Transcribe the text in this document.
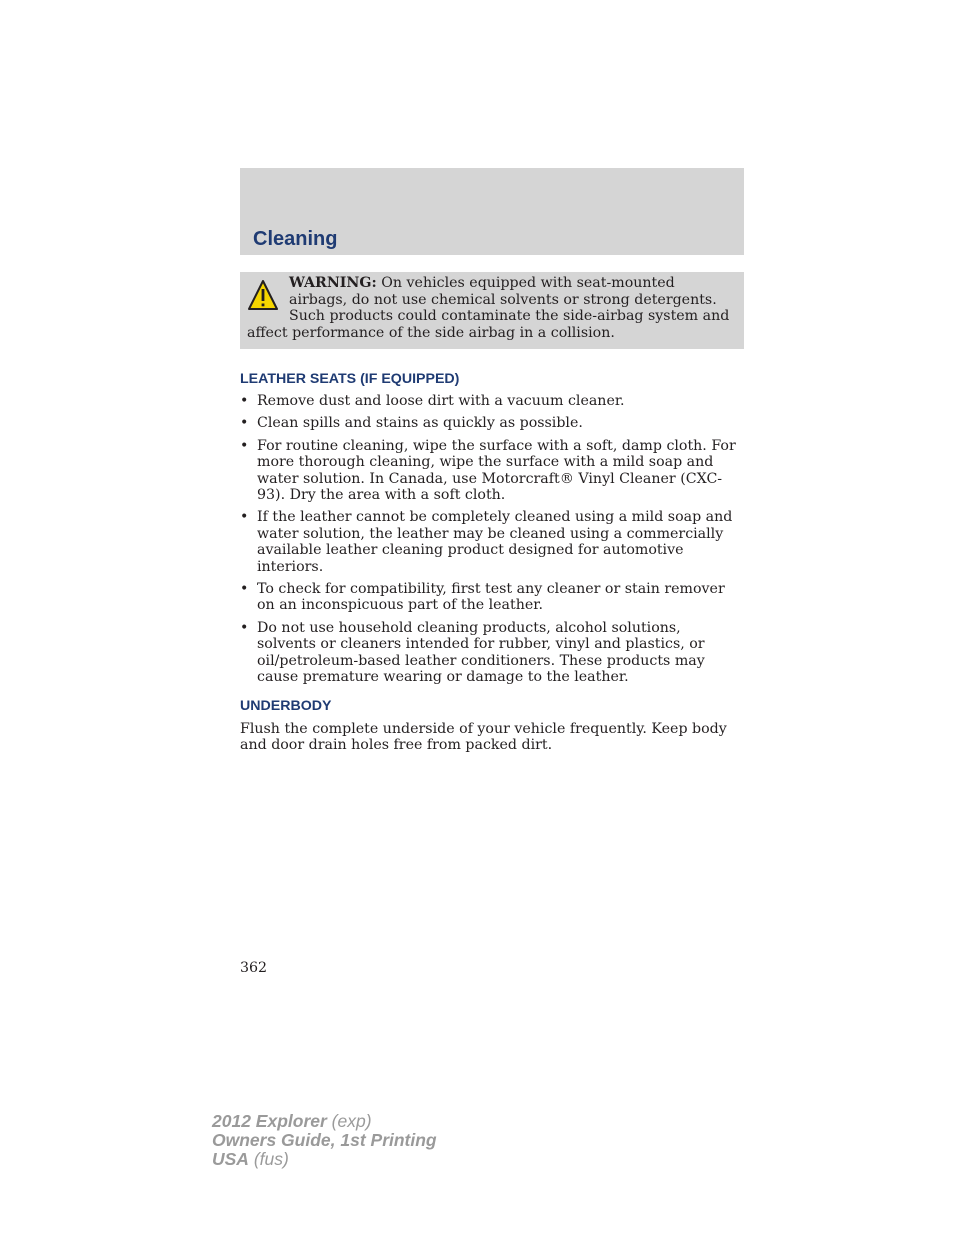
Cleaning
WARNING: On vehicles equipped with seat-mounted airbags, do not use chemical solvents or strong detergents. Such products could contaminate the side-airbag system and affect performance of the side airbag in a collision.
LEATHER SEATS (IF EQUIPPED)
• Remove dust and loose dirt with a vacuum cleaner.
• Clean spills and stains as quickly as possible.
• For routine cleaning, wipe the surface with a soft, damp cloth. For more thorough cleaning, wipe the surface with a mild soap and water solution. In Canada, use Motorcraft® Vinyl Cleaner (CXC-93). Dry the area with a soft cloth.
• If the leather cannot be completely cleaned using a mild soap and water solution, the leather may be cleaned using a commercially available leather cleaning product designed for automotive interiors.
• To check for compatibility, first test any cleaner or stain remover on an inconspicuous part of the leather.
• Do not use household cleaning products, alcohol solutions, solvents or cleaners intended for rubber, vinyl and plastics, or oil/petroleum-based leather conditioners. These products may cause premature wearing or damage to the leather.
UNDERBODY

Flush the complete underside of your vehicle frequently. Keep body and door drain holes free from packed dirt.

362
2012 Explorer (exp)
Owners Guide, 1st Printing
USA (fus)
